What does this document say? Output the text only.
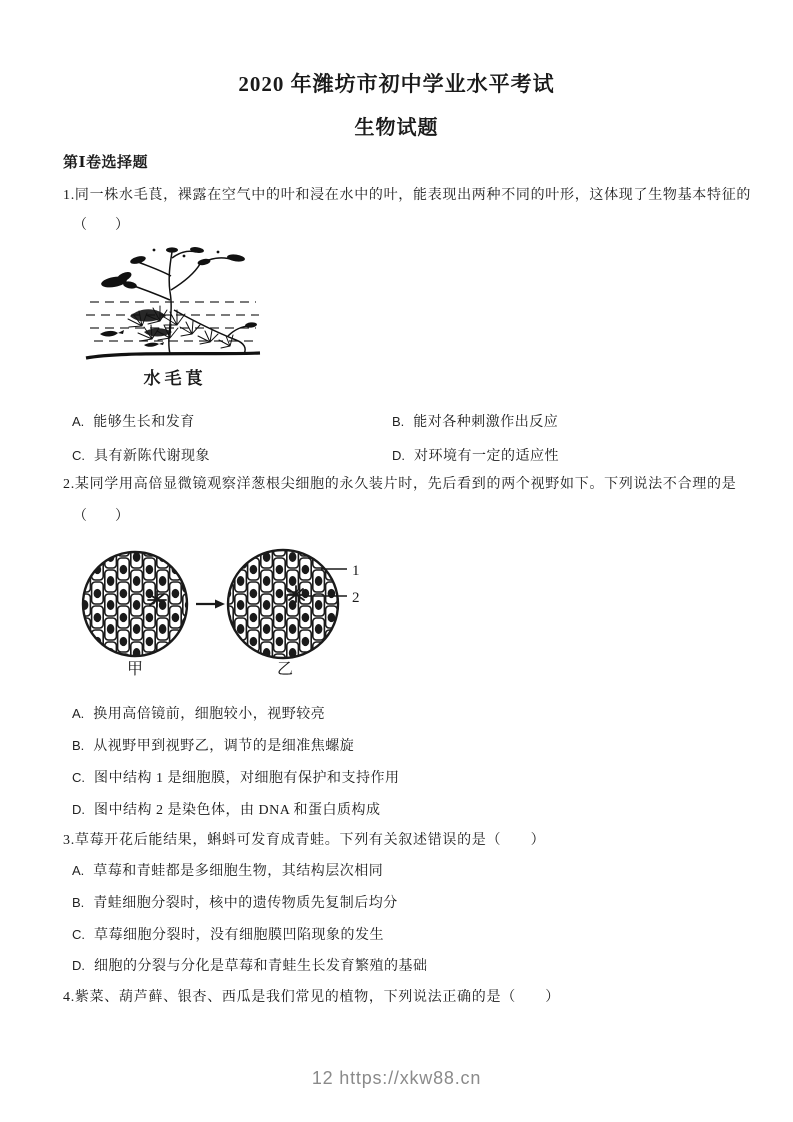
2020 年潍坊市初中学业水平考试
生物试题
第Ⅰ卷选择题
1.同一株水毛茛，裸露在空气中的叶和浸在水中的叶，能表现出两种不同的叶形，这体现了生物基本特征的
（　　）
水毛茛
A. 能够生长和发育	B. 能对各种刺激作出反应
C. 具有新陈代谢现象	D. 对环境有一定的适应性
2.某同学用高倍显微镜观察洋葱根尖细胞的永久装片时，先后看到的两个视野如下。下列说法不合理的是
（　　）
1
2
甲	乙
A. 换用高倍镜前，细胞较小，视野较亮
B. 从视野甲到视野乙，调节的是细准焦螺旋
C. 图中结构 1 是细胞膜，对细胞有保护和支持作用
D. 图中结构 2 是染色体，由 DNA 和蛋白质构成
3.草莓开花后能结果，蝌蚪可发育成青蛙。下列有关叙述错误的是（　　）
A. 草莓和青蛙都是多细胞生物，其结构层次相同
B. 青蛙细胞分裂时，核中的遗传物质先复制后均分
C. 草莓细胞分裂时，没有细胞膜凹陷现象的发生
D. 细胞的分裂与分化是草莓和青蛙生长发育繁殖的基础
4.紫菜、葫芦藓、银杏、西瓜是我们常见的植物，下列说法正确的是（　　）
12 https://xkw88.cn
